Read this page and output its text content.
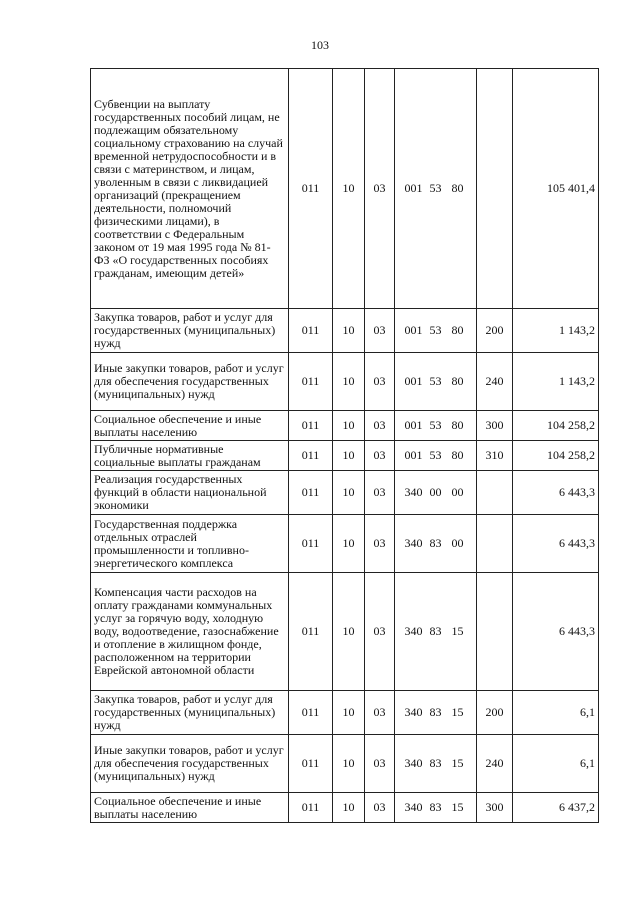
103
Субвенции на выплату государственных пособий лицам, не подлежащим обязательному социальному страхованию на случай временной нетрудоспособности и в связи с материнством, и лицам, уволенным в связи с ликвидацией организаций (прекращением деятельности, полномочий физическими лицами), в соответствии с Федеральным законом от 19 мая 1995 года № 81-ФЗ «О государственных пособиях гражданам, имеющим детей»	011	10	03	001 53 80		105 401,4
Закупка товаров, работ и услуг для государственных (муниципальных) нужд	011	10	03	001 53 80	200	1 143,2
Иные закупки товаров, работ и услуг для обеспечения государственных (муниципальных) нужд	011	10	03	001 53 80	240	1 143,2
Социальное обеспечение и иные выплаты населению	011	10	03	001 53 80	300	104 258,2
Публичные нормативные социальные выплаты гражданам	011	10	03	001 53 80	310	104 258,2
Реализация государственных функций в области национальной экономики	011	10	03	340 00 00		6 443,3
Государственная поддержка отдельных отраслей промышленности и топливно-энергетического комплекса	011	10	03	340 83 00		6 443,3
Компенсация части расходов на оплату гражданами коммунальных услуг за горячую воду, холодную воду, водоотведение, газоснабжение и отопление в жилищном фонде, расположенном на территории Еврейской автономной области	011	10	03	340 83 15		6 443,3
Закупка товаров, работ и услуг для государственных (муниципальных) нужд	011	10	03	340 83 15	200	6,1
Иные закупки товаров, работ и услуг для обеспечения государственных (муниципальных) нужд	011	10	03	340 83 15	240	6,1
Социальное обеспечение и иные выплаты населению	011	10	03	340 83 15	300	6 437,2
